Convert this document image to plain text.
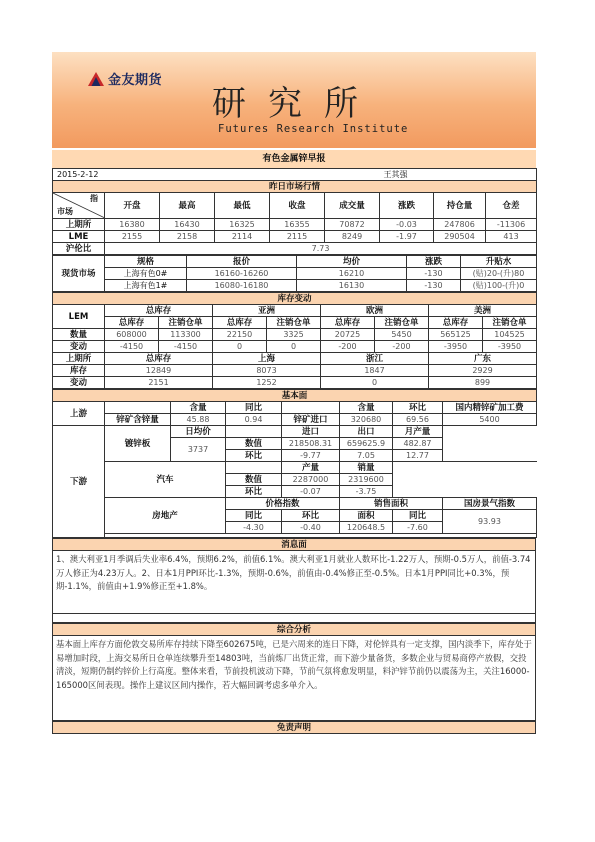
金友期货
研究所
Futures Research Institute
有色金属锌早报
2015-2-12						王其强		
昨日市场行情								

指
市场	开盘	最高	最低	收盘	成交量	涨跌	持仓量	仓差
上期所	16380	16430	16325	16355	70872	-0.03	247806	-11306
LME	2155	2158	2114	2115	8249	-1.97	290504	413
沪伦比	7.73							
现货市场	规格	报价	均价	涨跌	升贴水
	上海有色0#	16160-16260	16210	-130	(贴)20-(升)80
	上海有色1#	16080-16180	16130	-130	(贴)100-(升)0
库存变动								
LEM	总库存		亚洲		欧洲		美洲	
	总库存	注销仓单	总库存	注销仓单	总库存	注销仓单	总库存	注销仓单
数量	608000	113300	22150	3325	20725	5450	565125	104525
变动	-4150	-4150	0	0	-200	-200	-3950	-3950
上期所	总库存		上海		浙江		广东	
库存	12849		8073		1847		2929	
变动	2151		1252		0		899	
基本面							
上游		含量	同比		含量	环比	国内精锌矿加工费
	锌矿含锌量	45.88	0.94	锌矿进口	320680	69.56	5400
下游	镀锌板	日均价		进口	出口	月产量	
		3737	数值	218508.31	659625.9	482.87	
			环比	-9.77	7.05	12.77	
	汽车			产量	销量		
			数值	2287000	2319600		
			环比	-0.07	-3.75		
	房地产		价格指数		销售面积		国房景气指数
			同比	环比	面积	同比	93.93
			-4.30	-0.40	120648.5	-7.60	

消息面
1、澳大利亚1月季调后失业率6.4%，预期6.2%，前值6.1%。澳大利亚1月就业人数环比-1.22万人，预期-0.5万人，前值-3.74万人修正为4.23万人。2、日本1月PPI环比-1.3%，预期-0.6%，前值由-0.4%修正至-0.5%。日本1月PPI同比+0.3%，预期-1.1%，前值由+1.9%修正至+1.8%。
综合分析
基本面上库存方面伦敦交易所库存持续下降至602675吨，已是六周来的连日下降，对伦锌具有一定支撑，国内淡季下，库存处于易增加时段，上海交易所日仓单连续攀升至14803吨，当前炼厂出货正常，而下游少量备货，多数企业与贸易商停产放假，交投清淡，短期仍制约锌价上行高度。整体来看，节前投机波动下降，节前气氛将愈发明显，料沪锌节前仍以震荡为主，关注16000-165000区间表现。操作上建议区间内操作，若大幅回调考虑多单介入。
免责声明
